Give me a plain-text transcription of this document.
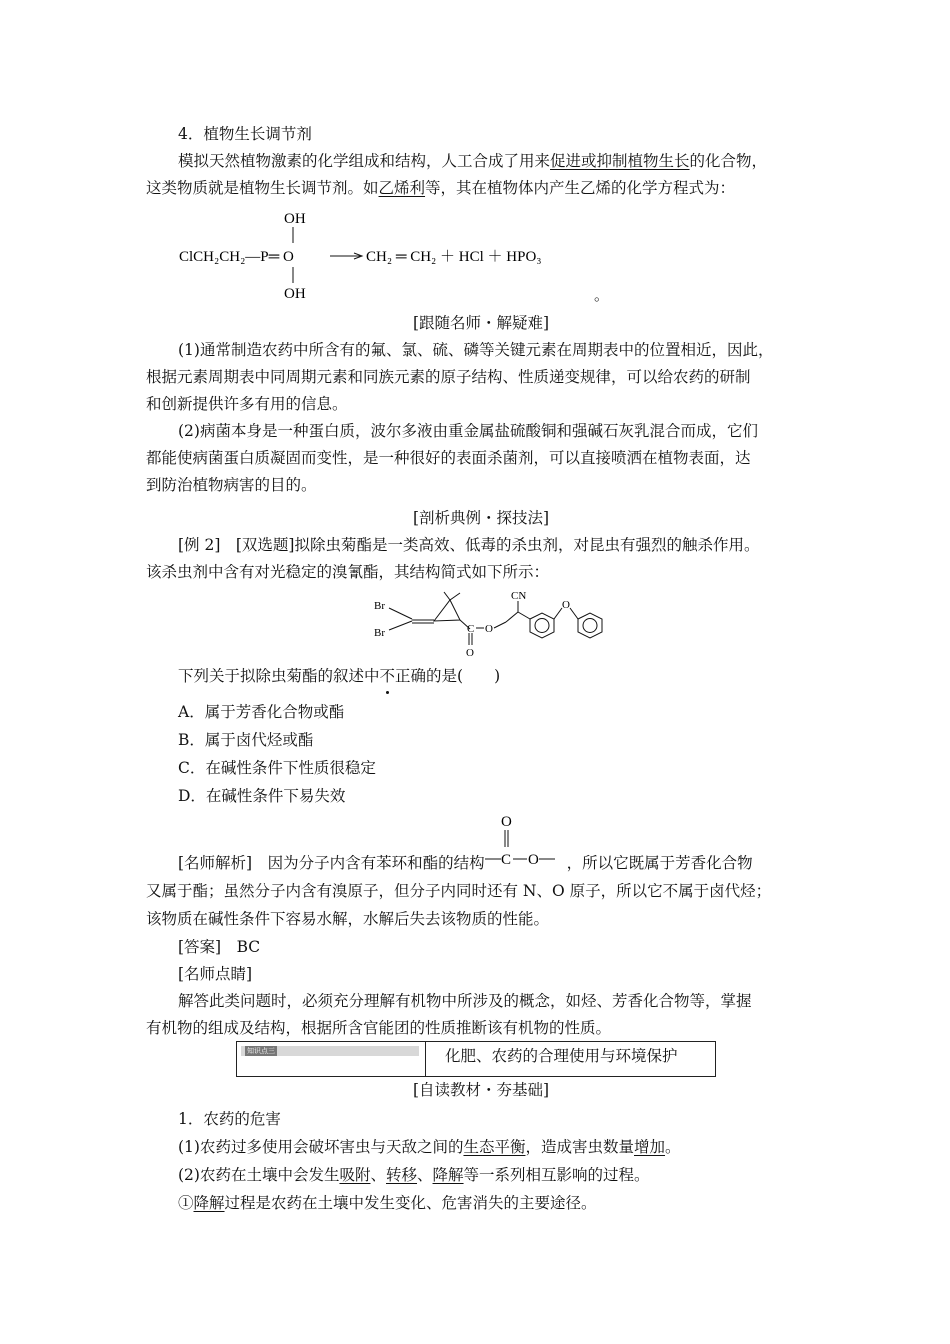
4．植物生长调节剂
模拟天然植物激素的化学组成和结构，人工合成了用来促进或抑制植物生长的化合物，
这类物质就是植物生长调节剂。如乙烯利等，其在植物体内产生乙烯的化学方程式为：
OH
ClCH₂CH₂—P═ O	CH₂ ═ CH₂ ＋ HCl ＋ HPO₃
OH	。
[跟随名师・解疑难]
(1)通常制造农药中所含有的氟、氯、硫、磷等关键元素在周期表中的位置相近，因此，
根据元素周期表中同周期元素和同族元素的原子结构、性质递变规律，可以给农药的研制
和创新提供许多有用的信息。
(2)病菌本身是一种蛋白质，波尔多液由重金属盐硫酸铜和强碱石灰乳混合而成，它们
都能使病菌蛋白质凝固而变性，是一种很好的表面杀菌剂，可以直接喷洒在植物表面，达
到防治植物病害的目的。
[剖析典例・探技法]
[例 2]　[双选题]拟除虫菊酯是一类高效、低毒的杀虫剂，对昆虫有强烈的触杀作用。
该杀虫剂中含有对光稳定的溴氰酯，其结构简式如下所示：
Br
Br	C
O
O
CN
O
下列关于拟除虫菊酯的叙述中不正确的是(　　)
A．属于芳香化合物或酯
B．属于卤代烃或酯
C．在碱性条件下性质很稳定
D．在碱性条件下易失效
[名师解析]　因为分子内含有苯环和酯的结构 C O
O
，所以它既属于芳香化合物
又属于酯；虽然分子内含有溴原子，但分子内同时还有 N、O 原子，所以它不属于卤代烃；
该物质在碱性条件下容易水解，水解后失去该物质的性能。
[答案]　BC
[名师点睛]
解答此类问题时，必须充分理解有机物中所涉及的概念，如烃、芳香化合物等，掌握
有机物的组成及结构，根据所含官能团的性质推断该有机物的性质。
知识点三	化肥、农药的合理使用与环境保护
[自读教材・夯基础]
1．农药的危害
(1)农药过多使用会破坏害虫与天敌之间的生态平衡，造成害虫数量增加。
(2)农药在土壤中会发生吸附、转移、降解等一系列相互影响的过程。
①降解过程是农药在土壤中发生变化、危害消失的主要途径。
